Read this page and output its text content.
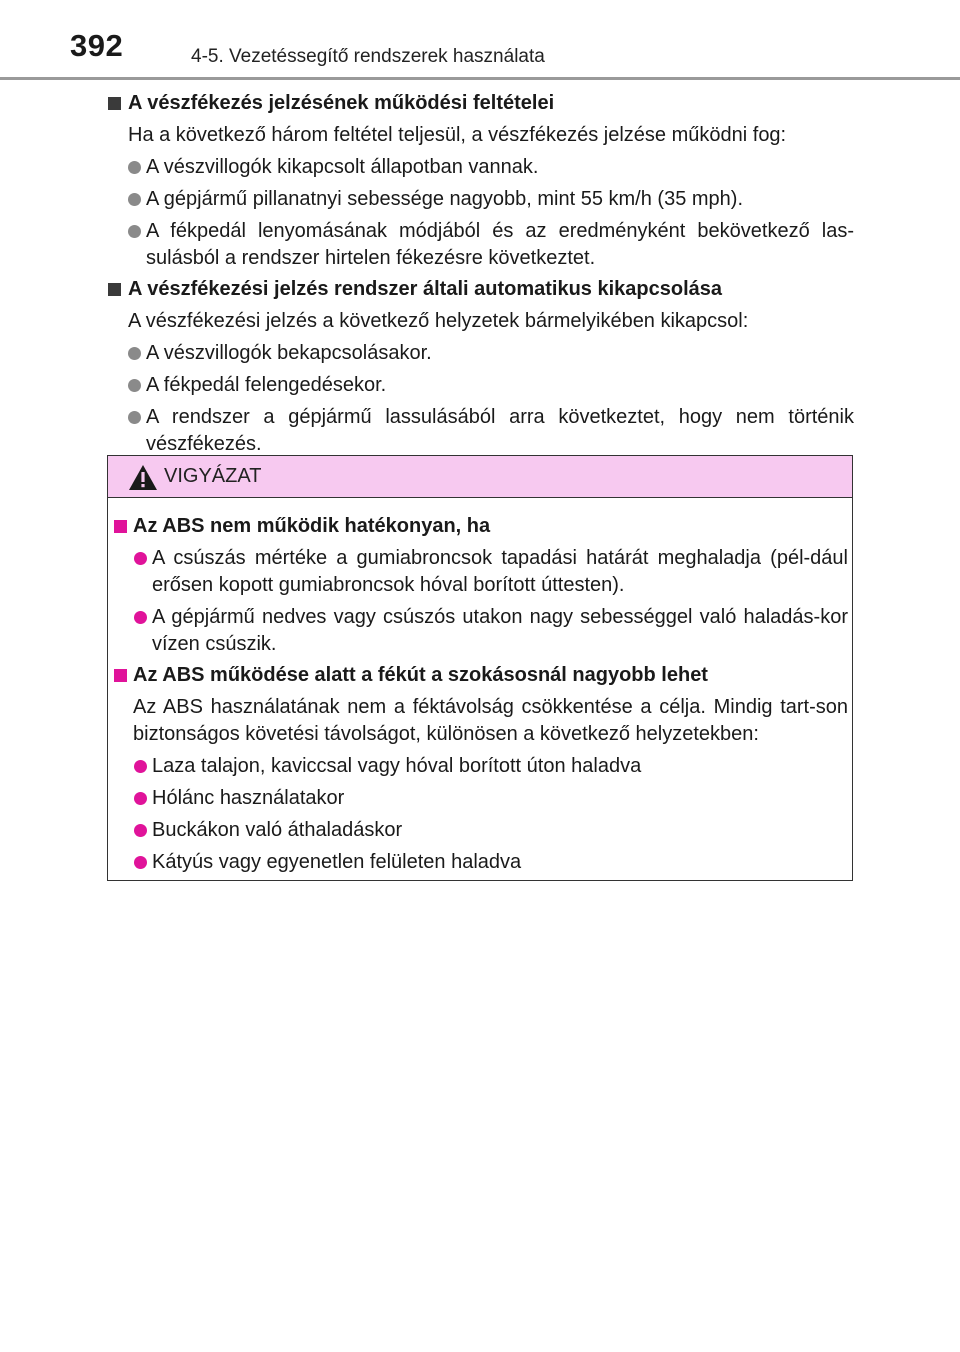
392	4-5. Vezetéssegítő rendszerek használata
A vészfékezés jelzésének működési feltételei
Ha a következő három feltétel teljesül, a vészfékezés jelzése működni fog:
A vészvillogók kikapcsolt állapotban vannak.
A gépjármű pillanatnyi sebessége nagyobb, mint 55 km/h (35 mph).
A fékpedál lenyomásának módjából és az eredményként bekövetkező las-sulásból a rendszer hirtelen fékezésre következtet.
A vészfékezési jelzés rendszer általi automatikus kikapcsolása
A vészfékezési jelzés a következő helyzetek bármelyikében kikapcsol:
A vészvillogók bekapcsolásakor.
A fékpedál felengedésekor.
A rendszer a gépjármű lassulásából arra következtet, hogy nem történik vészfékezés.
VIGYÁZAT
Az ABS nem működik hatékonyan, ha
A csúszás mértéke a gumiabroncsok tapadási határát meghaladja (pél-dául erősen kopott gumiabroncsok hóval borított úttesten).
A gépjármű nedves vagy csúszós utakon nagy sebességgel való haladás-kor vízen csúszik.
Az ABS működése alatt a fékút a szokásosnál nagyobb lehet
Az ABS használatának nem a féktávolság csökkentése a célja. Mindig tart-son biztonságos követési távolságot, különösen a következő helyzetekben:
Laza talajon, kaviccsal vagy hóval borított úton haladva
Hólánc használatakor
Buckákon való áthaladáskor
Kátyús vagy egyenetlen felületen haladva
